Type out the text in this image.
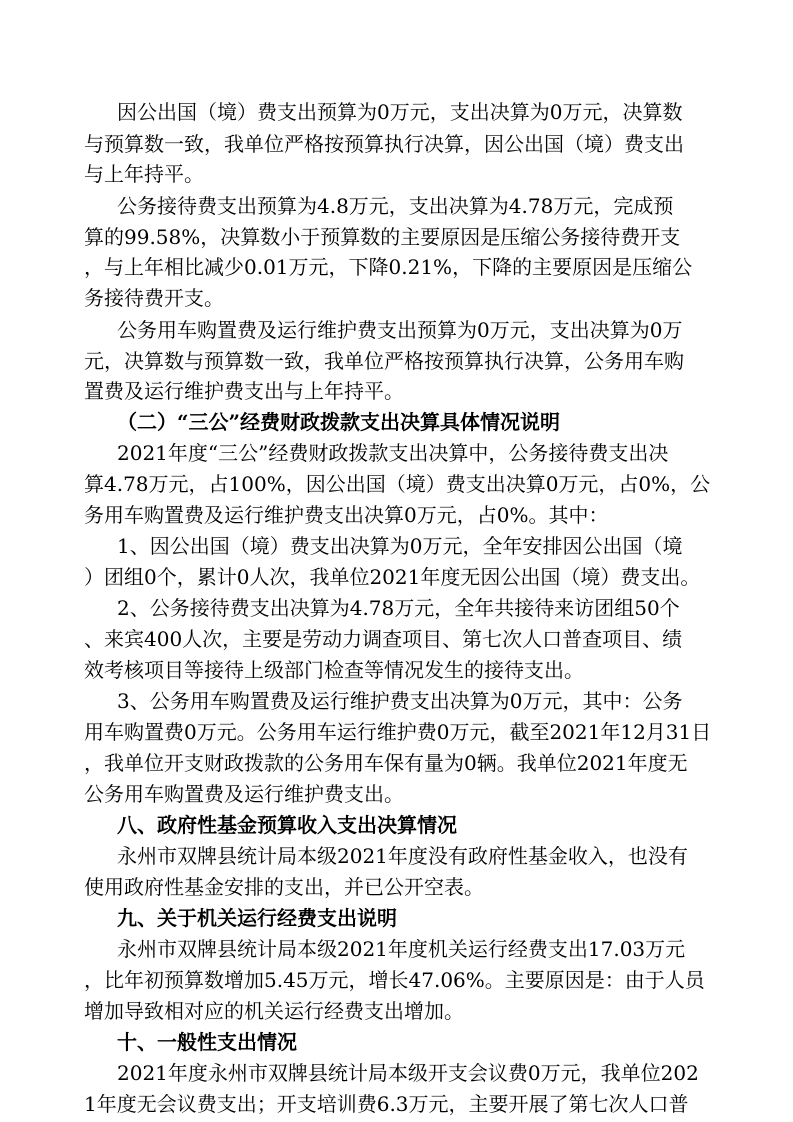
因公出国（境）费支出预算为0万元，支出决算为0万元，决算数
与预算数一致，我单位严格按预算执行决算，因公出国（境）费支出
与上年持平。
公务接待费支出预算为4.8万元，支出决算为4.78万元，完成预
算的99.58%，决算数小于预算数的主要原因是压缩公务接待费开支
，与上年相比减少0.01万元，下降0.21%，下降的主要原因是压缩公
务接待费开支。
公务用车购置费及运行维护费支出预算为0万元，支出决算为0万
元，决算数与预算数一致，我单位严格按预算执行决算，公务用车购
置费及运行维护费支出与上年持平。
（二）“三公”经费财政拨款支出决算具体情况说明
2021年度“三公”经费财政拨款支出决算中，公务接待费支出决
算4.78万元，占100%，因公出国（境）费支出决算0万元，占0%，公
务用车购置费及运行维护费支出决算0万元，占0%。其中：
1、因公出国（境）费支出决算为0万元，全年安排因公出国（境
）团组0个，累计0人次，我单位2021年度无因公出国（境）费支出。
2、公务接待费支出决算为4.78万元，全年共接待来访团组50个
、来宾400人次，主要是劳动力调查项目、第七次人口普查项目、绩
效考核项目等接待上级部门检查等情况发生的接待支出。
3、公务用车购置费及运行维护费支出决算为0万元，其中：公务
用车购置费0万元。公务用车运行维护费0万元，截至2021年12月31日
，我单位开支财政拨款的公务用车保有量为0辆。我单位2021年度无
公务用车购置费及运行维护费支出。
八、政府性基金预算收入支出决算情况
永州市双牌县统计局本级2021年度没有政府性基金收入，也没有
使用政府性基金安排的支出，并已公开空表。
九、关于机关运行经费支出说明
永州市双牌县统计局本级2021年度机关运行经费支出17.03万元
，比年初预算数增加5.45万元，增长47.06%。主要原因是：由于人员
增加导致相对应的机关运行经费支出增加。
十、一般性支出情况
2021年度永州市双牌县统计局本级开支会议费0万元，我单位202
1年度无会议费支出；开支培训费6.3万元，主要开展了第七次人口普
